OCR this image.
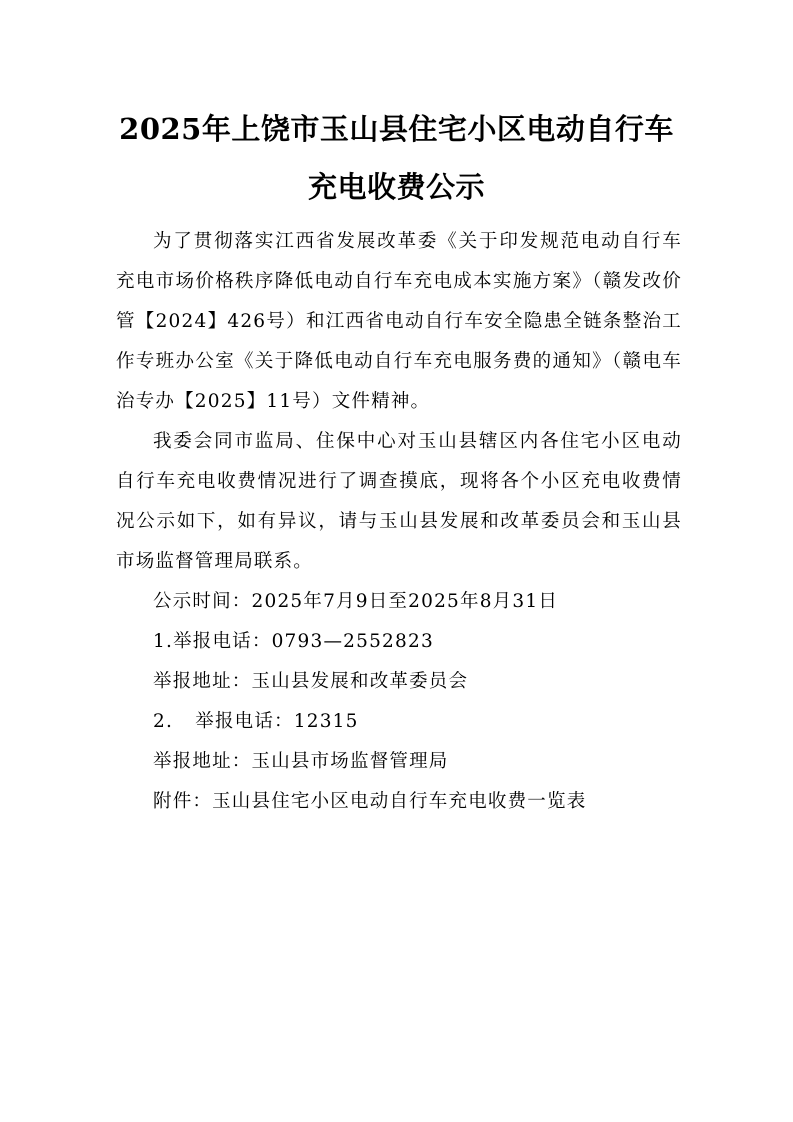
2025年上饶市玉山县住宅小区电动自行车
充电收费公示

为了贯彻落实江西省发展改革委《关于印发规范电动自行车充电市场价格秩序降低电动自行车充电成本实施方案》（赣发改价管【2024】426号）和江西省电动自行车安全隐患全链条整治工作专班办公室《关于降低电动自行车充电服务费的通知》（赣电车治专办【2025】11号）文件精神。

我委会同市监局、住保中心对玉山县辖区内各住宅小区电动自行车充电收费情况进行了调查摸底，现将各个小区充电收费情况公示如下，如有异议，请与玉山县发展和改革委员会和玉山县市场监督管理局联系。

公示时间：2025年7月9日至2025年8月31日

1.举报电话：0793—2552823

举报地址：玉山县发展和改革委员会

2. 举报电话：12315

举报地址：玉山县市场监督管理局

附件：玉山县住宅小区电动自行车充电收费一览表
